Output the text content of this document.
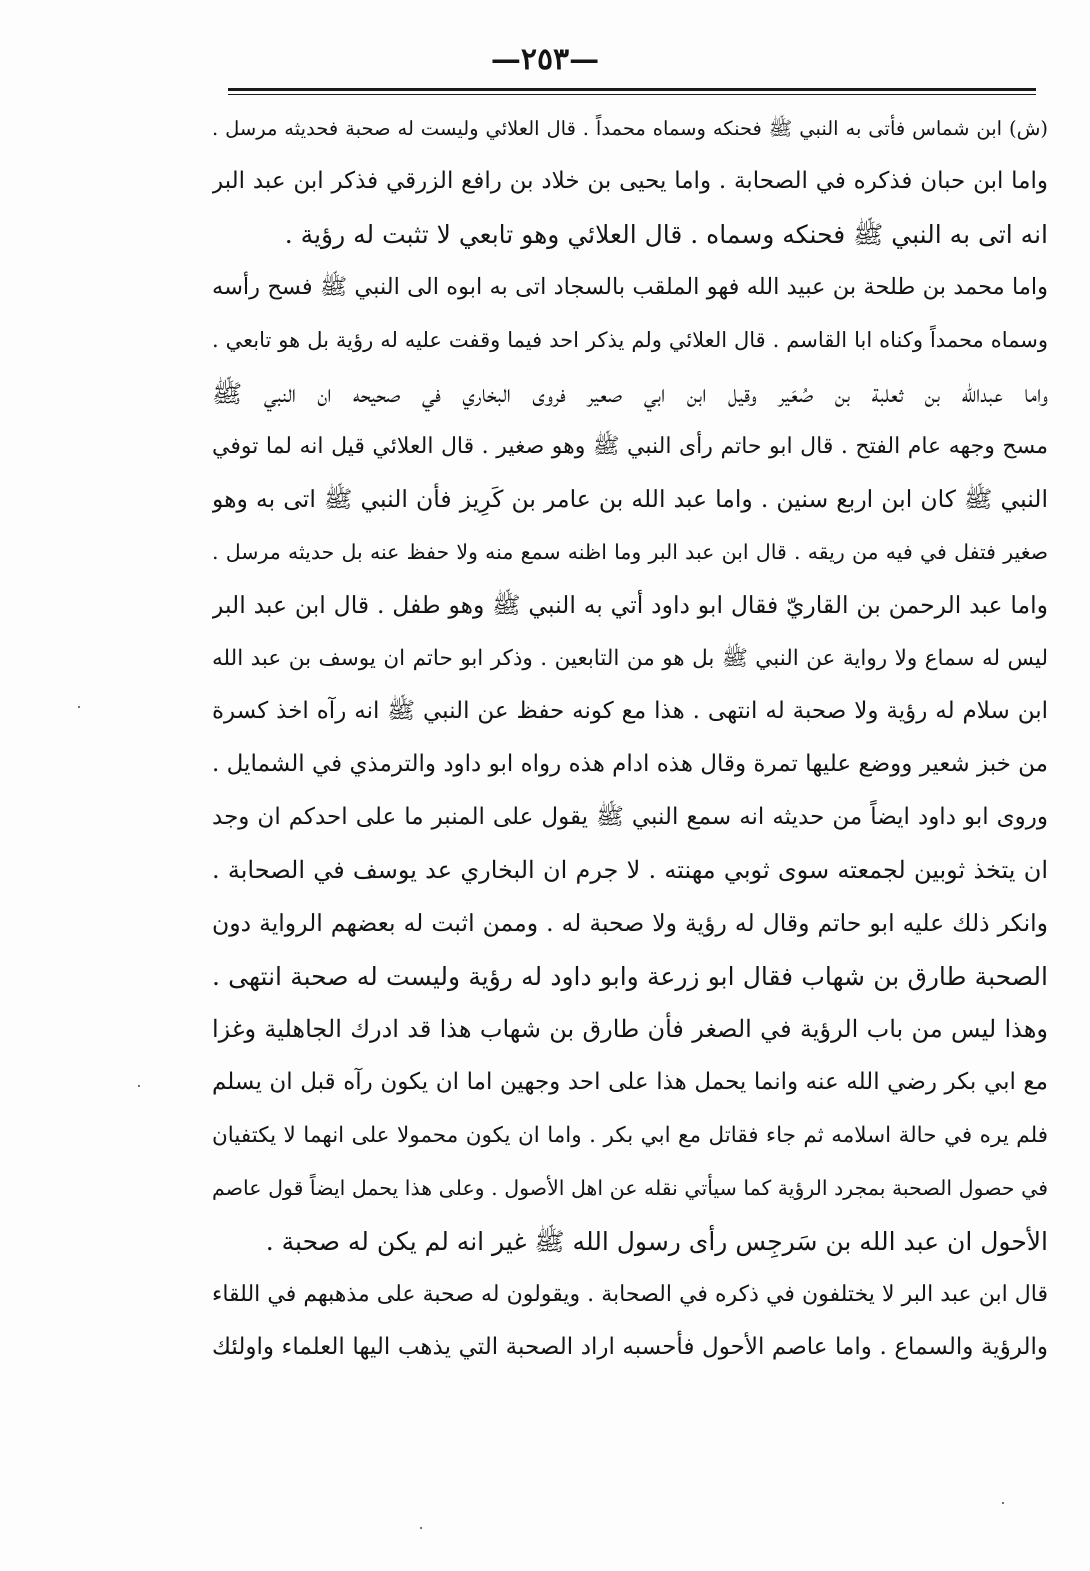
—٢٥٣—
(ش) ابن شماس فأتى به النبي ﷺ فحنكه وسماه محمداً . قال العلائي وليست له صحبة فحديثه مرسل .
واما ابن حبان فذكره في الصحابة . واما يحيى بن خلاد بن رافع الزرقي فذكر ابن عبد البر
انه اتى به النبي ﷺ فحنكه وسماه . قال العلائي وهو تابعي لا تثبت له رؤية .
واما محمد بن طلحة بن عبيد الله فهو الملقب بالسجاد اتى به ابوه الى النبي ﷺ فسح رأسه
وسماه محمداً وكناه ابا القاسم . قال العلائي ولم يذكر احد فيما وقفت عليه له رؤية بل هو تابعي .
واما عبدالله بن ثعلبة بن صُعَير وقيل ابن ابي صعير فروى البخاري في صحيحه ان النبي ﷺ
مسح وجهه عام الفتح . قال ابو حاتم رأى النبي ﷺ وهو صغير . قال العلائي قيل انه لما توفي
النبي ﷺ كان ابن اربع سنين . واما عبد الله بن عامر بن كَرِيز فأن النبي ﷺ اتى به وهو
صغير فتفل في فيه من ريقه . قال ابن عبد البر وما اظنه سمع منه ولا حفظ عنه بل حديثه مرسل .
واما عبد الرحمن بن القاريّ فقال ابو داود أتي به النبي ﷺ وهو طفل . قال ابن عبد البر
ليس له سماع ولا رواية عن النبي ﷺ بل هو من التابعين . وذكر ابو حاتم ان يوسف بن عبد الله
ابن سلام له رؤية ولا صحبة له انتهى . هذا مع كونه حفظ عن النبي ﷺ انه رآه اخذ كسرة
من خبز شعير ووضع عليها تمرة وقال هذه ادام هذه رواه ابو داود والترمذي في الشمايل .
وروى ابو داود ايضاً من حديثه انه سمع النبي ﷺ يقول على المنبر ما على احدكم ان وجد
ان يتخذ ثوبين لجمعته سوى ثوبي مهنته . لا جرم ان البخاري عد يوسف في الصحابة .
وانكر ذلك عليه ابو حاتم وقال له رؤية ولا صحبة له . وممن اثبت له بعضهم الرواية دون
الصحبة طارق بن شهاب فقال ابو زرعة وابو داود له رؤية وليست له صحبة انتهى .
وهذا ليس من باب الرؤية في الصغر فأن طارق بن شهاب هذا قد ادرك الجاهلية وغزا
مع ابي بكر رضي الله عنه وانما يحمل هذا على احد وجهين اما ان يكون رآه قبل ان يسلم
فلم يره في حالة اسلامه ثم جاء فقاتل مع ابي بكر . واما ان يكون محمولا على انهما لا يكتفيان
في حصول الصحبة بمجرد الرؤية كما سيأتي نقله عن اهل الأصول . وعلى هذا يحمل ايضاً قول عاصم
الأحول ان عبد الله بن سَرجِس رأى رسول الله ﷺ غير انه لم يكن له صحبة .
قال ابن عبد البر لا يختلفون في ذكره في الصحابة . ويقولون له صحبة على مذهبهم في اللقاء
والرؤية والسماع . واما عاصم الأحول فأحسبه اراد الصحبة التي يذهب اليها العلماء واولئك
